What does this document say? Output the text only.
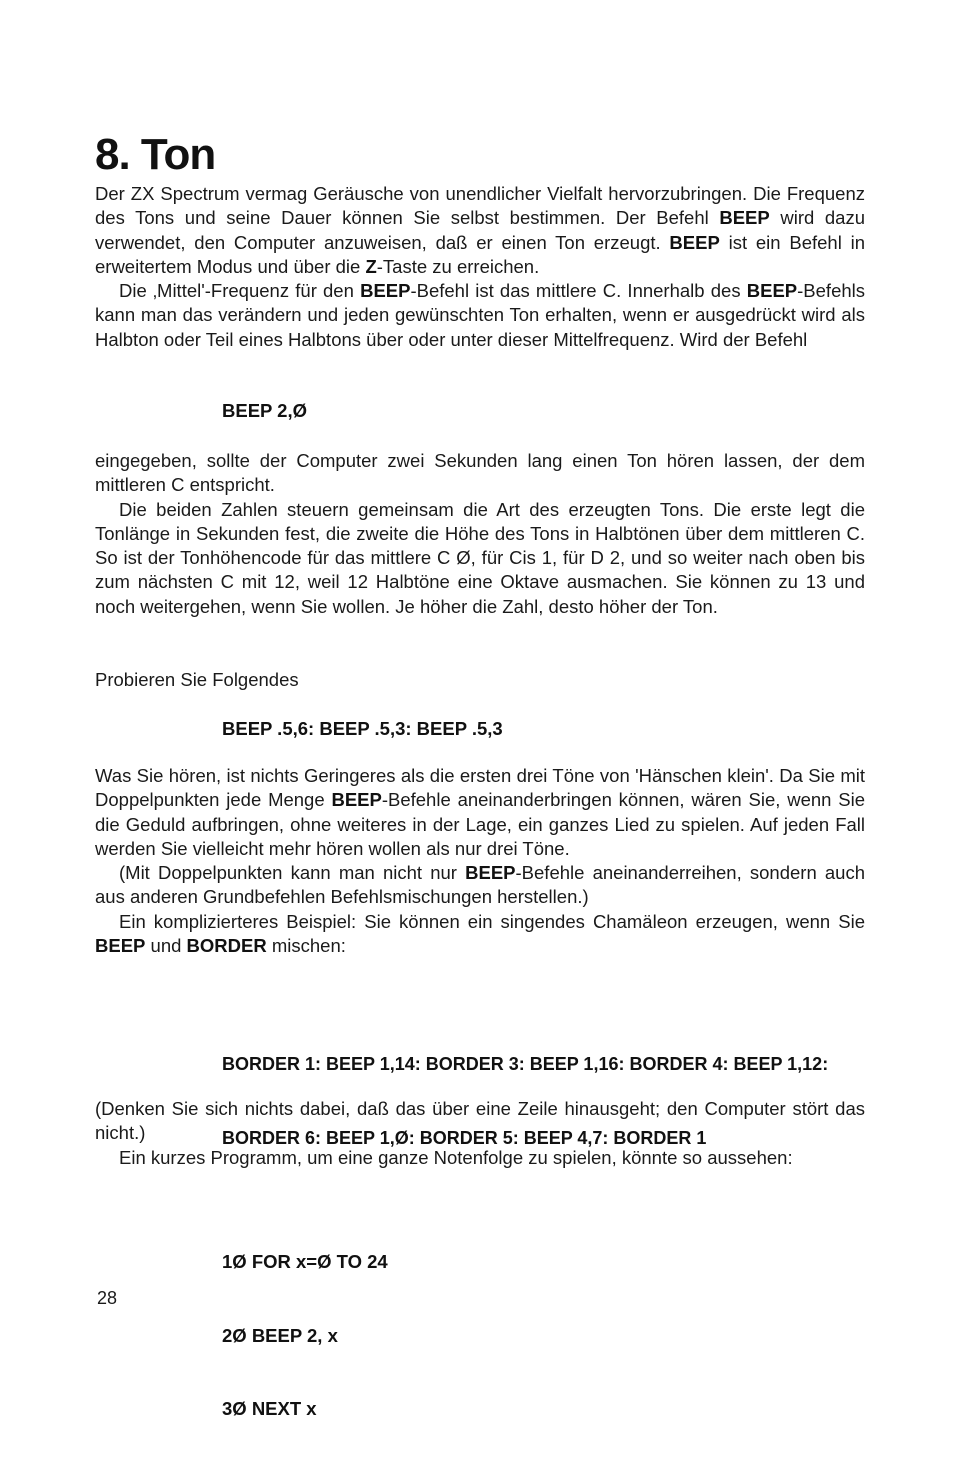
8. Ton

Der ZX Spectrum vermag Geräusche von unendlicher Vielfalt hervorzubringen. Die Frequenz des Tons und seine Dauer können Sie selbst bestimmen. Der Befehl BEEP wird dazu verwendet, den Computer anzuweisen, daß er einen Ton erzeugt. BEEP ist ein Befehl in erweitertem Modus und über die Z-Taste zu erreichen.

Die ‚Mittel'-Frequenz für den BEEP-Befehl ist das mittlere C. Innerhalb des BEEP-Befehls kann man das verändern und jeden gewünschten Ton erhalten, wenn er ausgedrückt wird als Halbton oder Teil eines Halbtons über oder unter dieser Mittelfrequenz. Wird der Befehl

BEEP 2,Ø

eingegeben, sollte der Computer zwei Sekunden lang einen Ton hören lassen, der dem mittleren C entspricht.

Die beiden Zahlen steuern gemeinsam die Art des erzeugten Tons. Die erste legt die Tonlänge in Sekunden fest, die zweite die Höhe des Tons in Halbtönen über dem mittleren C. So ist der Tonhöhencode für das mittlere C Ø, für Cis 1, für D 2, und so weiter nach oben bis zum nächsten C mit 12, weil 12 Halbtöne eine Oktave ausmachen. Sie können zu 13 und noch weitergehen, wenn Sie wollen. Je höher die Zahl, desto höher der Ton.

Probieren Sie Folgendes

BEEP .5,6: BEEP .5,3: BEEP .5,3

Was Sie hören, ist nichts Geringeres als die ersten drei Töne von 'Hänschen klein'. Da Sie mit Doppelpunkten jede Menge BEEP-Befehle aneinanderbringen können, wären Sie, wenn Sie die Geduld aufbringen, ohne weiteres in der Lage, ein ganzes Lied zu spielen. Auf jeden Fall werden Sie vielleicht mehr hören wollen als nur drei Töne.

(Mit Doppelpunkten kann man nicht nur BEEP-Befehle aneinanderreihen, sondern auch aus anderen Grundbefehlen Befehlsmischungen herstellen.)

Ein komplizierteres Beispiel: Sie können ein singendes Chamäleon erzeugen, wenn Sie BEEP und BORDER mischen:

BORDER 1: BEEP 1,14: BORDER 3: BEEP 1,16: BORDER 4: BEEP 1,12:

BORDER 6: BEEP 1,Ø: BORDER 5: BEEP 4,7: BORDER 1

(Denken Sie sich nichts dabei, daß das über eine Zeile hinausgeht; den Computer stört das nicht.)

Ein kurzes Programm, um eine ganze Notenfolge zu spielen, könnte so aussehen:

1Ø FOR x=Ø TO 24

2Ø BEEP 2, x

3Ø NEXT x

28
